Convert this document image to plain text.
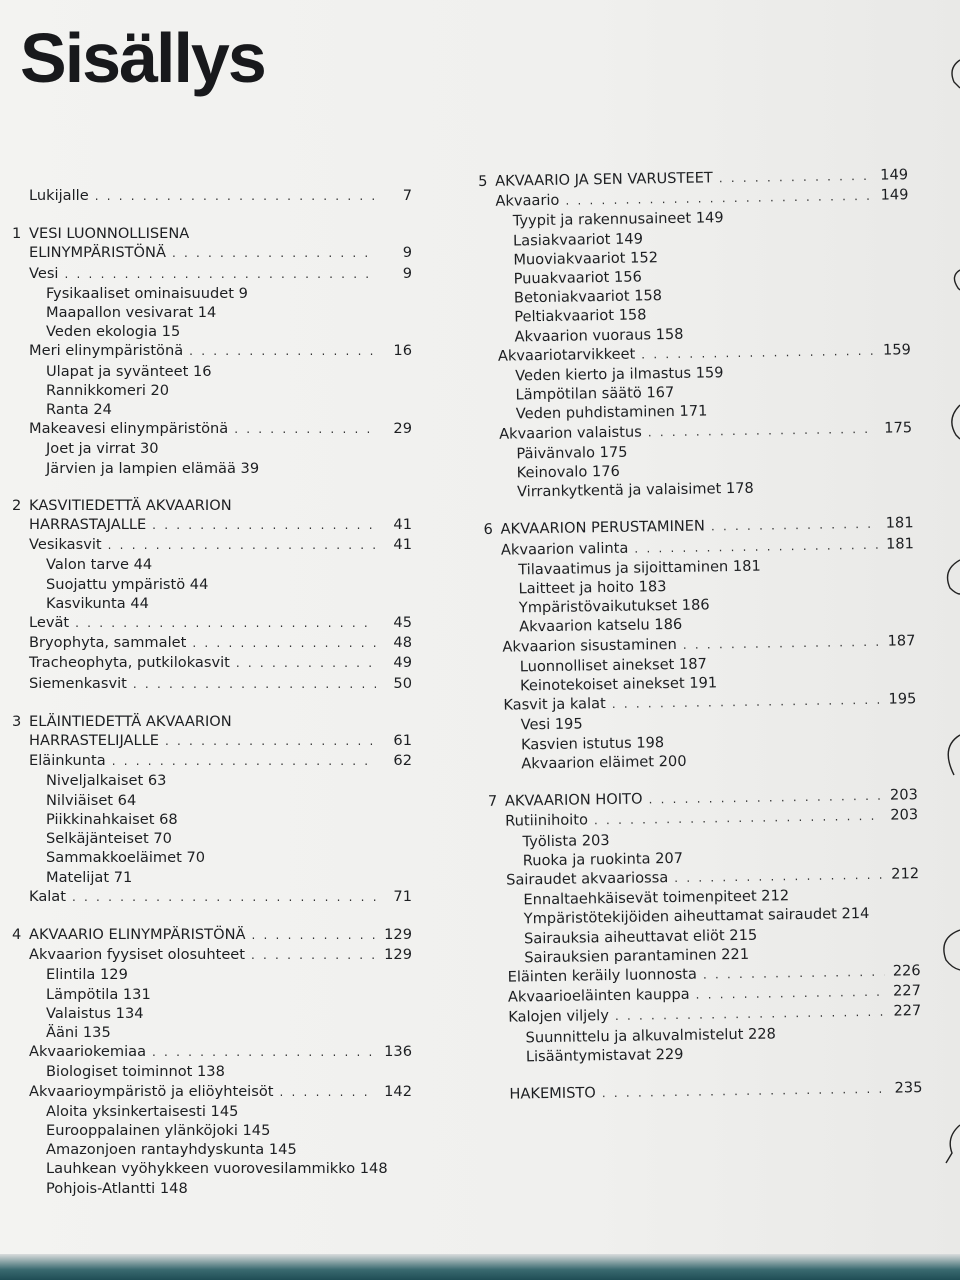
Sisällys
Lukijalle . . .	7
1 VESI LUONNOLLISENA
ELINYMPÄRISTÖNÄ . . .	9
Vesi . . .	9
Fysikaaliset ominaisuudet 9
Maapallon vesivarat 14
Veden ekologia 15
Meri elinympäristönä . . .	16
Ulapat ja syvänteet 16
Rannikkomeri 20
Ranta 24
Makeavesi elinympäristönä . . .	29
Joet ja virrat 30
Järvien ja lampien elämää 39
2 KASVITIEDETTÄ AKVAARION
HARRASTAJALLE . . .	41
Vesikasvit . . .	41
Valon tarve 44
Suojattu ympäristö 44
Kasvikunta 44
Levät . . .	45
Bryophyta, sammalet . . .	48
Tracheophyta, putkilokasvit . . .	49
Siemenkasvit . . .	50
3 ELÄINTIEDETTÄ AKVAARION
HARRASTELIJALLE . . .	61
Eläinkunta . . .	62
Niveljalkaiset 63
Nilviäiset 64
Piikkinahkaiset 68
Selkäjänteiset 70
Sammakkoeläimet 70
Matelijat 71
Kalat . . .	71
4 AKVAARIO ELINYMPÄRISTÖNÄ . . .	129
Akvaarion fyysiset olosuhteet . . .	129
Elintila 129
Lämpötila 131
Valaistus 134
Ääni 135
Akvaariokemiaa . . .	136
Biologiset toiminnot 138
Akvaarioympäristö ja eliöyhteisöt . . .	142
Aloita yksinkertaisesti 145
Eurooppalainen ylänköjoki 145
Amazonjoen rantayhdyskunta 145
Lauhkean vyöhykkeen vuorovesilammikko 148
Pohjois-Atlantti 148
5 AKVAARIO JA SEN VARUSTEET . . .	149
Akvaario . . .	149
Tyypit ja rakennusaineet 149
Lasiakvaariot 149
Muoviakvaariot 152
Puuakvaariot 156
Betoniakvaariot 158
Peltiakvaariot 158
Akvaarion vuoraus 158
Akvaariotarvikkeet . . .	159
Veden kierto ja ilmastus 159
Lämpötilan säätö 167
Veden puhdistaminen 171
Akvaarion valaistus . . .	175
Päivänvalo 175
Keinovalo 176
Virrankytkentä ja valaisimet 178
6 AKVAARION PERUSTAMINEN . . .	181
Akvaarion valinta . . .	181
Tilavaatimus ja sijoittaminen 181
Laitteet ja hoito 183
Ympäristövaikutukset 186
Akvaarion katselu 186
Akvaarion sisustaminen . . .	187
Luonnolliset ainekset 187
Keinotekoiset ainekset 191
Kasvit ja kalat . . .	195
Vesi 195
Kasvien istutus 198
Akvaarion eläimet 200
7 AKVAARION HOITO . . .	203
Rutiinihoito . . .	203
Työlista 203
Ruoka ja ruokinta 207
Sairaudet akvaariossa . . .	212
Ennaltaehkäisevät toimenpiteet 212
Ympäristötekijöiden aiheuttamat sairaudet 214
Sairauksia aiheuttavat eliöt 215
Sairauksien parantaminen 221
Eläinten keräily luonnosta . . .	226
Akvaarioeläinten kauppa . . .	227
Kalojen viljely . . .	227
Suunnittelu ja alkuvalmistelut 228
Lisääntymistavat 229
HAKEMISTO . . .	235
